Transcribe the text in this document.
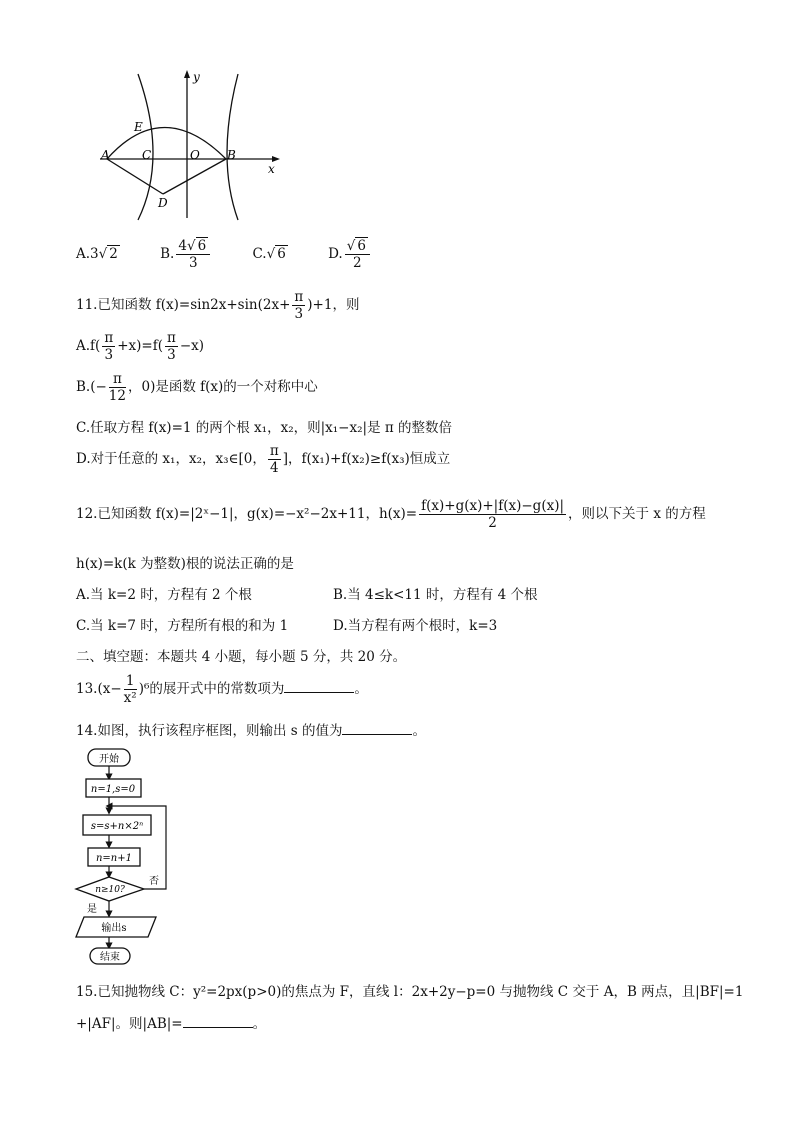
y
x
A	C	O B
E
D
A.3√ 2	B. $\frac{4√ 6}{3}$	C.√ 6	D. $\frac{√ 6}{2}$
11.已知函数 $f(x)=\sin 2x+\sin(2x+ \frac{\pi}{3} )+1$，则
$A.f( \frac{\pi}{3} +x)=f( \frac{\pi}{3} -x)$
$B.(- \frac{\pi}{12}$ ，0)是函数 f(x)的一个对称中心
C.任取方程 f(x)=1 的两个根 x₁，x₂，则|x₁−x₂|是 π 的整数倍
D.对于任意的 x₁，x₂，x₃∈[0， $\frac{\pi}{4}$ ]，f(x₁)+f(x₂)≥f(x₃)恒成立
12.已知函数 f(x)=|2ˣ−1|，g(x)=−x²−2x+11，$h(x)= \frac{f(x)+g(x)+|f(x)-g(x)|}{2}$ ，则以下关于 x 的方程
h(x)=k(k 为整数)根的说法正确的是
A.当 k=2 时，方程有 2 个根	B.当 4≤k<11 时，方程有 4 个根
C.当 k=7 时，方程所有根的和为 1	D.当方程有两个根时，k=3
二、填空题：本题共 4 小题，每小题 5 分，共 20 分。
$13.(x- \frac{1}{\text{x²}} )^6$的展开式中的常数项为	。
14.如图，执行该程序框图，则输出 s 的值为	。
开始
n=1,s=0
s=s+n×2ⁿ
n=n+1
n≥10?
否
是
输出s
结束
15.已知抛物线 C：y²=2px(p>0)的焦点为 F，直线 l：2x+2y−p=0 与抛物线 C 交于 A，B 两点，且|BF|=1
+|AF|。则|AB|=	。
